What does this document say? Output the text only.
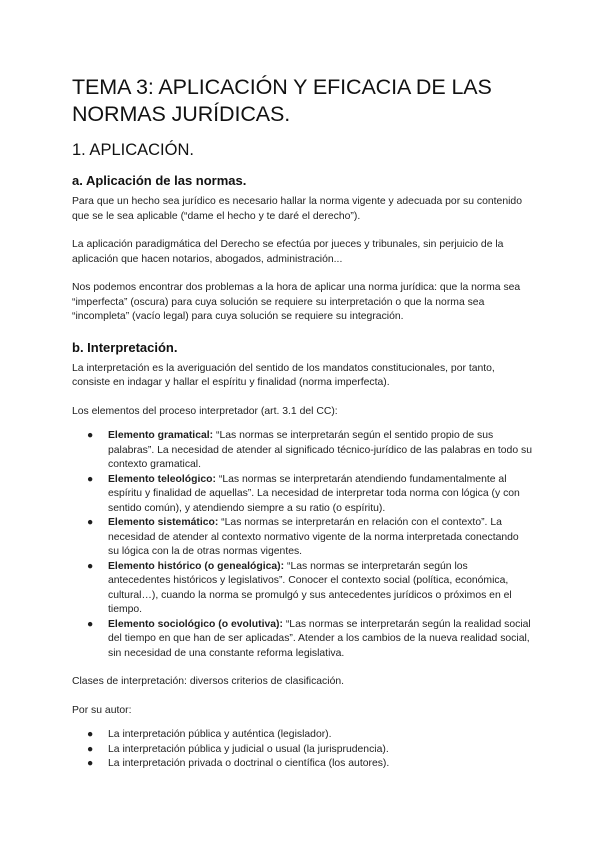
TEMA 3: APLICACIÓN Y EFICACIA DE LAS NORMAS JURÍDICAS.
1. APLICACIÓN.
a. Aplicación de las normas.

Para que un hecho sea jurídico es necesario hallar la norma vigente y adecuada por su contenido que se le sea aplicable (“dame el hecho y te daré el derecho”).

La aplicación paradigmática del Derecho se efectúa por jueces y tribunales, sin perjuicio de la aplicación que hacen notarios, abogados, administración...

Nos podemos encontrar dos problemas a la hora de aplicar una norma jurídica: que la norma sea “imperfecta” (oscura) para cuya solución se requiere su interpretación o que la norma sea “incompleta” (vacío legal) para cuya solución se requiere su integración.

b. Interpretación.

La interpretación es la averiguación del sentido de los mandatos constitucionales, por tanto, consiste en indagar y hallar el espíritu y finalidad (norma imperfecta).

Los elementos del proceso interpretador (art. 3.1 del CC):

● Elemento gramatical: “Las normas se interpretarán según el sentido propio de sus palabras”. La necesidad de atender al significado técnico-jurídico de las palabras en todo su contexto gramatical.
● Elemento teleológico: “Las normas se interpretarán atendiendo fundamentalmente al espíritu y finalidad de aquellas”. La necesidad de interpretar toda norma con lógica (y con sentido común), y atendiendo siempre a su ratio (o espíritu).
● Elemento sistemático: “Las normas se interpretarán en relación con el contexto”. La necesidad de atender al contexto normativo vigente de la norma interpretada conectando su lógica con la de otras normas vigentes.
● Elemento histórico (o genealógica): “Las normas se interpretarán según los antecedentes históricos y legislativos”. Conocer el contexto social (política, económica, cultural…), cuando la norma se promulgó y sus antecedentes jurídicos o próximos en el tiempo.
● Elemento sociológico (o evolutiva): “Las normas se interpretarán según la realidad social del tiempo en que han de ser aplicadas”. Atender a los cambios de la nueva realidad social, sin necesidad de una constante reforma legislativa.

Clases de interpretación: diversos criterios de clasificación.

Por su autor:

● La interpretación pública y auténtica (legislador).
● La interpretación pública y judicial o usual (la jurisprudencia).
● La interpretación privada o doctrinal o científica (los autores).
